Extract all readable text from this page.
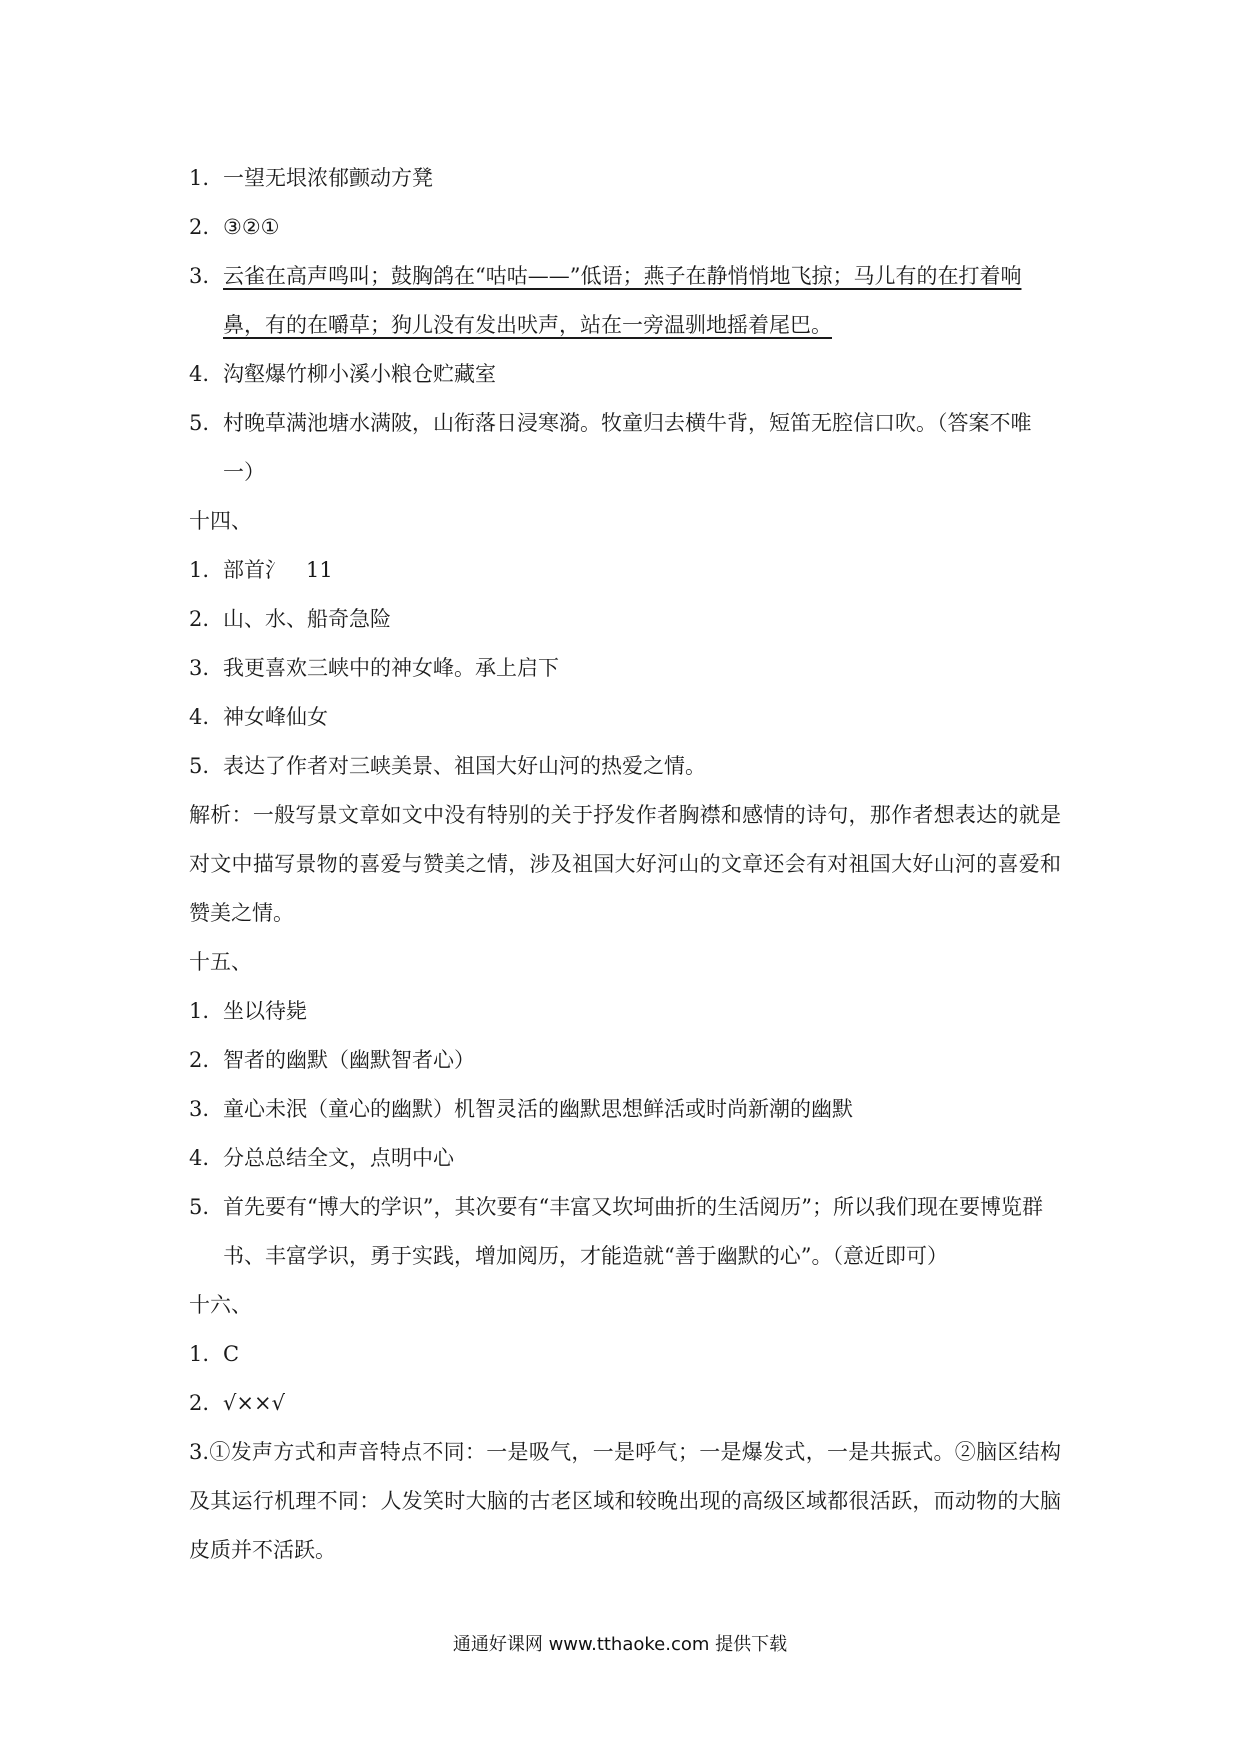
1. 一望无垠浓郁颤动方凳
2. ③②①
3. 云雀在高声鸣叫；鼓胸鸽在“咕咕——”低语；燕子在静悄悄地飞掠；马儿有的在打着响鼻，有的在嚼草；狗儿没有发出吠声，站在一旁温驯地摇着尾巴。
4. 沟壑爆竹柳小溪小粮仓贮藏室
5. 村晚草满池塘水满陂，山衔落日浸寒漪。牧童归去横牛背，短笛无腔信口吹。（答案不唯一）
十四、
1. 部首氵   11
2. 山、水、船奇急险
3. 我更喜欢三峡中的神女峰。承上启下
4. 神女峰仙女
5. 表达了作者对三峡美景、祖国大好山河的热爱之情。
解析：一般写景文章如文中没有特别的关于抒发作者胸襟和感情的诗句，那作者想表达的就是对文中描写景物的喜爱与赞美之情，涉及祖国大好河山的文章还会有对祖国大好山河的喜爱和赞美之情。
十五、
1. 坐以待毙
2. 智者的幽默（幽默智者心）
3. 童心未泯（童心的幽默）机智灵活的幽默思想鲜活或时尚新潮的幽默
4. 分总总结全文，点明中心
5. 首先要有“博大的学识”，其次要有“丰富又坎坷曲折的生活阅历”；所以我们现在要博览群书、丰富学识，勇于实践，增加阅历，才能造就“善于幽默的心”。（意近即可）
十六、
1. C
2. √××√
3.①发声方式和声音特点不同：一是吸气，一是呼气；一是爆发式，一是共振式。②脑区结构及其运行机理不同：人发笑时大脑的古老区域和较晚出现的高级区域都很活跃，而动物的大脑皮质并不活跃。
通通好课网 www.tthaoke.com 提供下载
